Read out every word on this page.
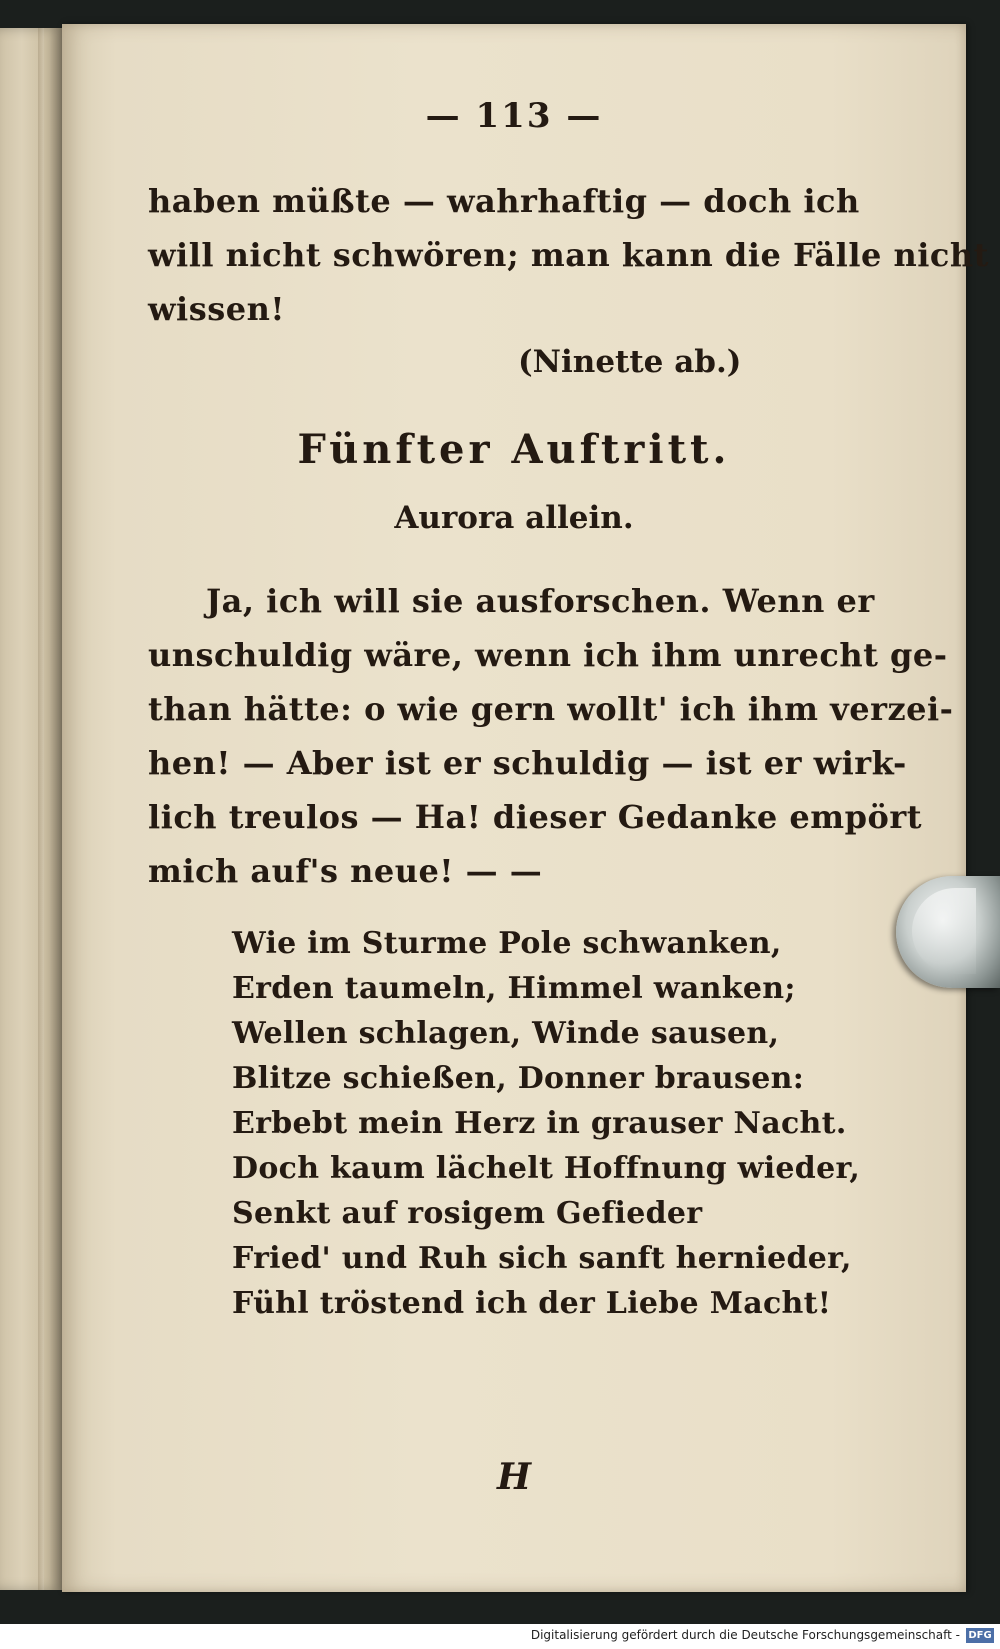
— 113 —
haben müßte — wahrhaftig — doch ich
will nicht schwören; man kann die Fälle nicht
wissen!
(Ninette ab.)
Fünfter Auftritt.
Aurora allein.
Ja, ich will sie ausforschen. Wenn er
unschuldig wäre, wenn ich ihm unrecht ge-
than hätte: o wie gern wollt' ich ihm verzei-
hen! — Aber ist er schuldig — ist er wirk-
lich treulos — Ha! dieser Gedanke empört
mich auf's neue! — —
Wie im Sturme Pole schwanken,
Erden taumeln, Himmel wanken;
Wellen schlagen, Winde sausen,
Blitze schießen, Donner brausen:
Erbebt mein Herz in grauser Nacht.
Doch kaum lächelt Hoffnung wieder,
Senkt auf rosigem Gefieder
Fried' und Ruh sich sanft hernieder,
Fühl tröstend ich der Liebe Macht!
H
Digitalisierung gefördert durch die Deutsche Forschungsgemeinschaft - DFG
